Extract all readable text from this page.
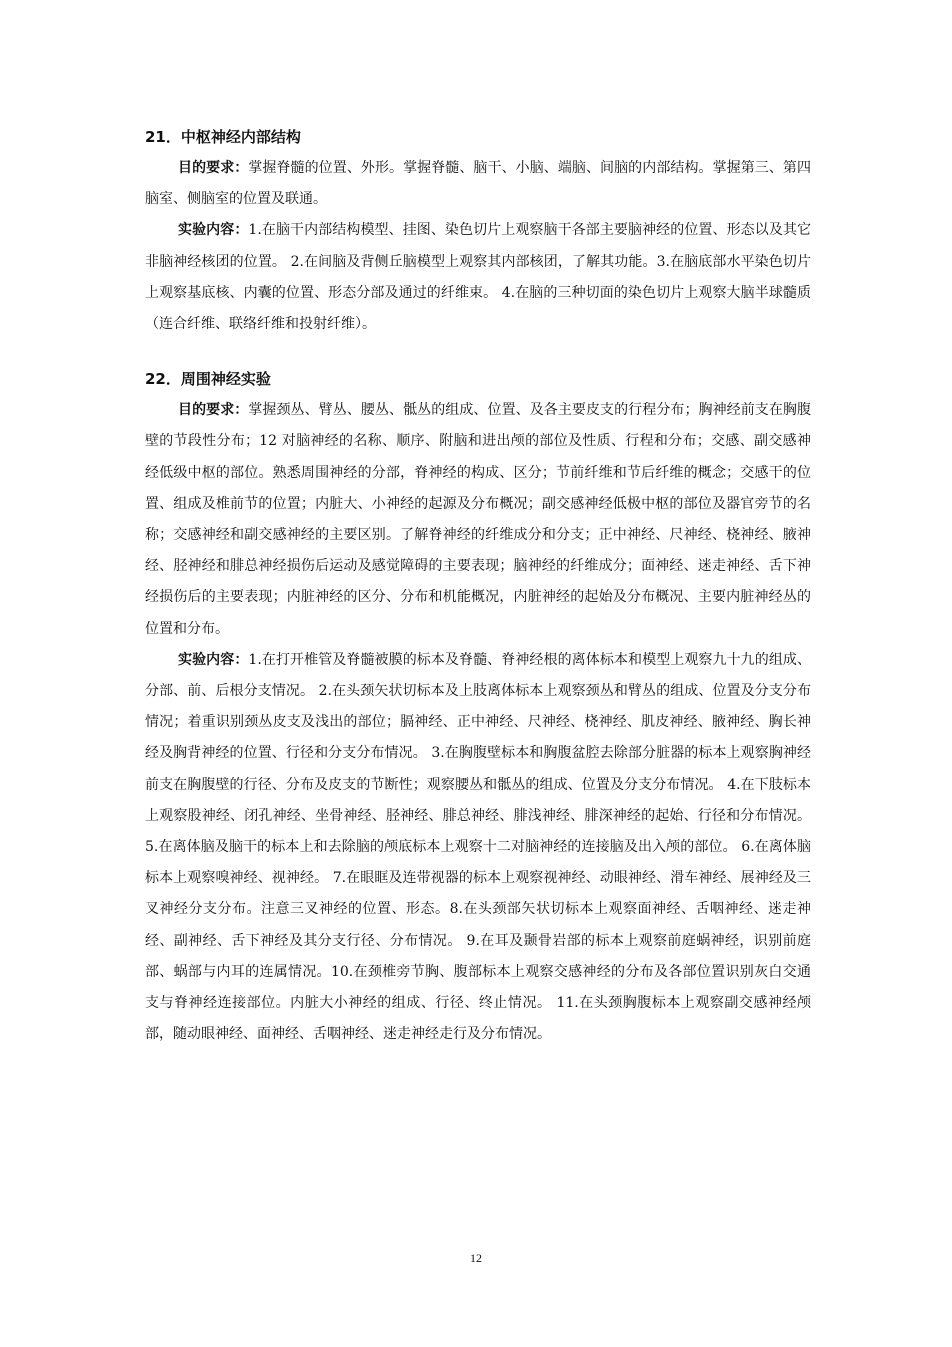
21．中枢神经内部结构

目的要求：掌握脊髓的位置、外形。掌握脊髓、脑干、小脑、端脑、间脑的内部结构。掌握第三、第四脑室、侧脑室的位置及联通。

实验内容：1.在脑干内部结构模型、挂图、染色切片上观察脑干各部主要脑神经的位置、形态以及其它非脑神经核团的位置。 2.在间脑及背侧丘脑模型上观察其内部核团，了解其功能。3.在脑底部水平染色切片上观察基底核、内囊的位置、形态分部及通过的纤维束。 4.在脑的三种切面的染色切片上观察大脑半球髓质（连合纤维、联络纤维和投射纤维）。

22．周围神经实验

目的要求：掌握颈丛、臂丛、腰丛、骶丛的组成、位置、及各主要皮支的行程分布；胸神经前支在胸腹壁的节段性分布；12 对脑神经的名称、顺序、附脑和进出颅的部位及性质、行程和分布；交感、副交感神经低级中枢的部位。熟悉周围神经的分部，脊神经的构成、区分；节前纤维和节后纤维的概念；交感干的位置、组成及椎前节的位置；内脏大、小神经的起源及分布概况；副交感神经低极中枢的部位及器官旁节的名称；交感神经和副交感神经的主要区别。了解脊神经的纤维成分和分支；正中神经、尺神经、桡神经、腋神经、胫神经和腓总神经损伤后运动及感觉障碍的主要表现；脑神经的纤维成分；面神经、迷走神经、舌下神经损伤后的主要表现；内脏神经的区分、分布和机能概况，内脏神经的起始及分布概况、主要内脏神经丛的位置和分布。

实验内容：1.在打开椎管及脊髓被膜的标本及脊髓、脊神经根的离体标本和模型上观察九十九的组成、分部、前、后根分支情况。 2.在头颈矢状切标本及上肢离体标本上观察颈丛和臂丛的组成、位置及分支分布情况；着重识别颈丛皮支及浅出的部位；膈神经、正中神经、尺神经、桡神经、肌皮神经、腋神经、胸长神经及胸背神经的位置、行径和分支分布情况。 3.在胸腹壁标本和胸腹盆腔去除部分脏器的标本上观察胸神经前支在胸腹壁的行径、分布及皮支的节断性；观察腰丛和骶丛的组成、位置及分支分布情况。 4.在下肢标本上观察股神经、闭孔神经、坐骨神经、胫神经、腓总神经、腓浅神经、腓深神经的起始、行径和分布情况。5.在离体脑及脑干的标本上和去除脑的颅底标本上观察十二对脑神经的连接脑及出入颅的部位。 6.在离体脑标本上观察嗅神经、视神经。 7.在眼眶及连带视器的标本上观察视神经、动眼神经、滑车神经、展神经及三叉神经分支分布。注意三叉神经的位置、形态。8.在头颈部矢状切标本上观察面神经、舌咽神经、迷走神经、副神经、舌下神经及其分支行径、分布情况。 9.在耳及颞骨岩部的标本上观察前庭蜗神经，识别前庭部、蜗部与内耳的连属情况。10.在颈椎旁节胸、腹部标本上观察交感神经的分布及各部位置识别灰白交通支与脊神经连接部位。内脏大小神经的组成、行径、终止情况。 11.在头颈胸腹标本上观察副交感神经颅部，随动眼神经、面神经、舌咽神经、迷走神经走行及分布情况。

12
